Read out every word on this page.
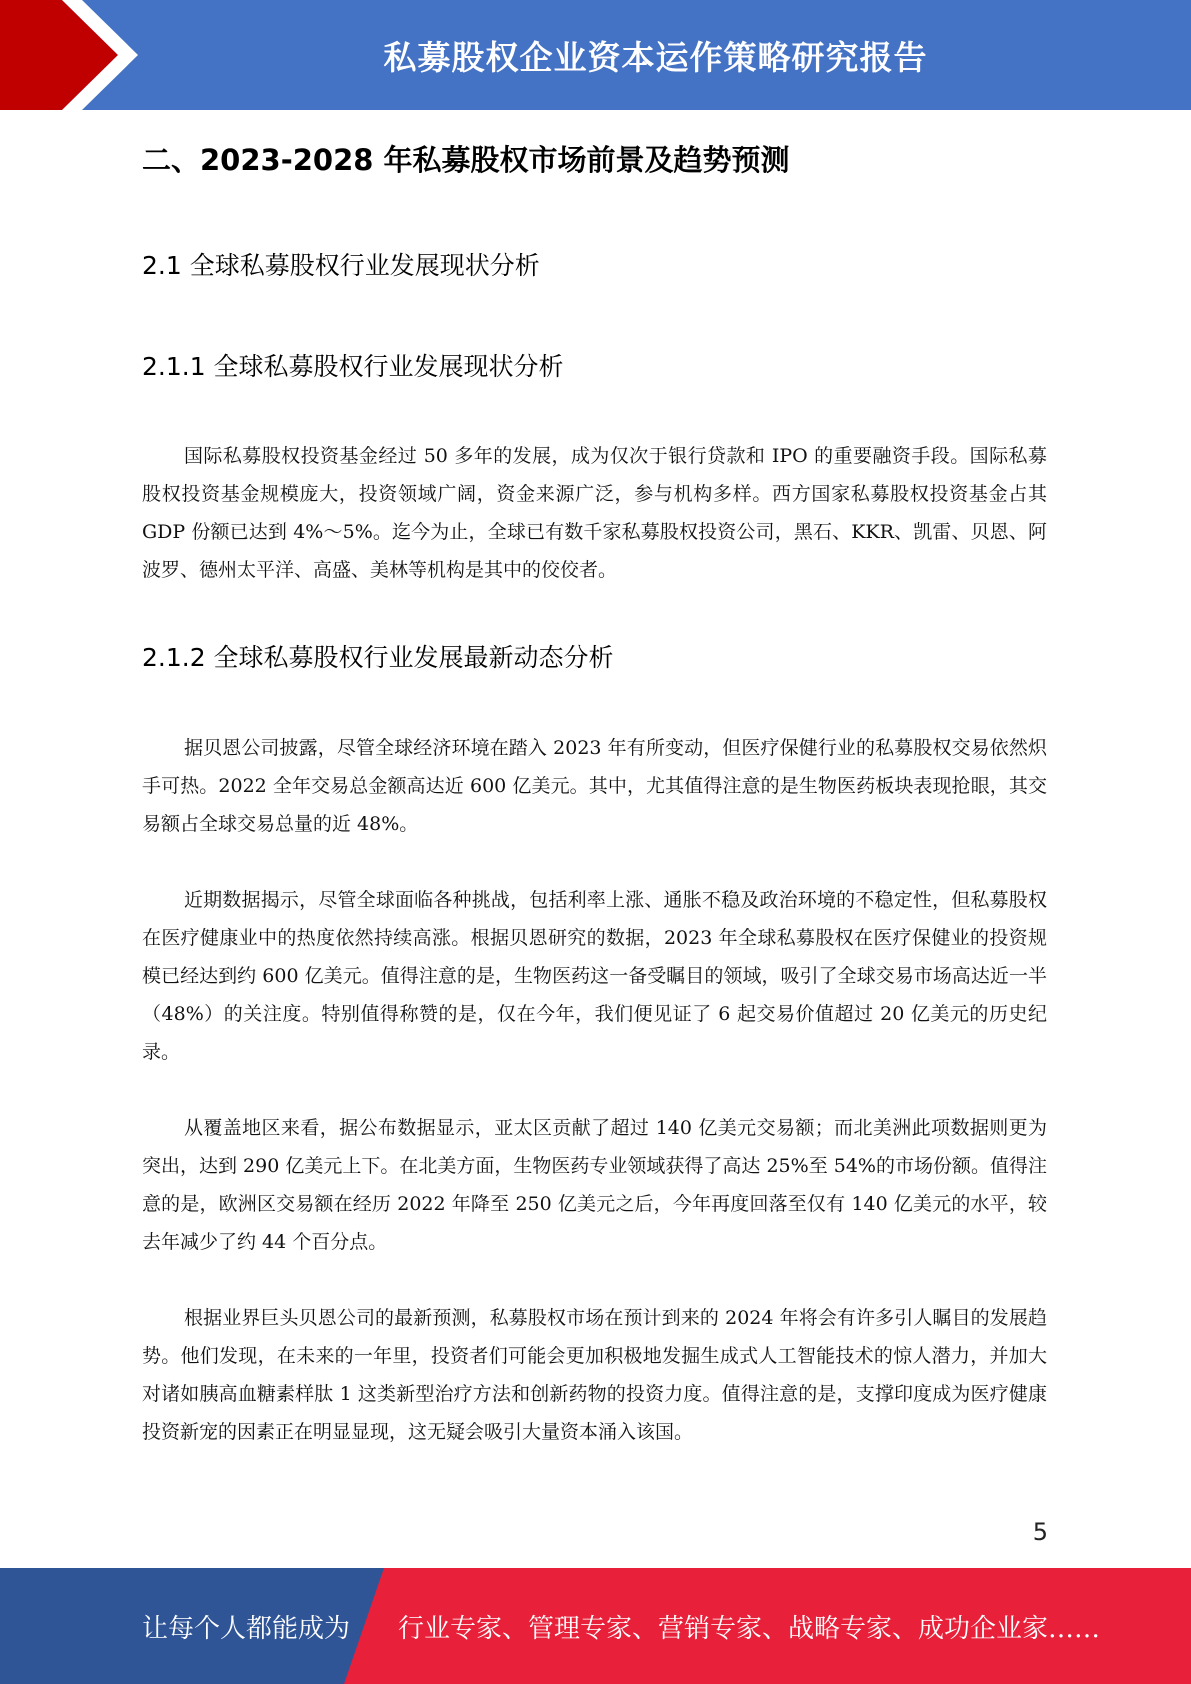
私募股权企业资本运作策略研究报告
二、2023-2028 年私募股权市场前景及趋势预测
2.1 全球私募股权行业发展现状分析
2.1.1 全球私募股权行业发展现状分析
国际私募股权投资基金经过 50 多年的发展，成为仅次于银行贷款和 IPO 的重要融资手段。国际私募股权投资基金规模庞大，投资领域广阔，资金来源广泛，参与机构多样。西方国家私募股权投资基金占其 GDP 份额已达到 4%～5%。迄今为止，全球已有数千家私募股权投资公司，黑石、KKR、凯雷、贝恩、阿波罗、德州太平洋、高盛、美林等机构是其中的佼佼者。
2.1.2 全球私募股权行业发展最新动态分析
据贝恩公司披露，尽管全球经济环境在踏入 2023 年有所变动，但医疗保健行业的私募股权交易依然炽手可热。2022 全年交易总金额高达近 600 亿美元。其中，尤其值得注意的是生物医药板块表现抢眼，其交易额占全球交易总量的近 48%。
近期数据揭示，尽管全球面临各种挑战，包括利率上涨、通胀不稳及政治环境的不稳定性，但私募股权在医疗健康业中的热度依然持续高涨。根据贝恩研究的数据，2023 年全球私募股权在医疗保健业的投资规模已经达到约 600 亿美元。值得注意的是，生物医药这一备受瞩目的领域，吸引了全球交易市场高达近一半（48%）的关注度。特别值得称赞的是，仅在今年，我们便见证了 6 起交易价值超过 20 亿美元的历史纪录。
从覆盖地区来看，据公布数据显示，亚太区贡献了超过 140 亿美元交易额；而北美洲此项数据则更为突出，达到 290 亿美元上下。在北美方面，生物医药专业领域获得了高达 25%至 54%的市场份额。值得注意的是，欧洲区交易额在经历 2022 年降至 250 亿美元之后，今年再度回落至仅有 140 亿美元的水平，较去年减少了约 44 个百分点。
根据业界巨头贝恩公司的最新预测，私募股权市场在预计到来的 2024 年将会有许多引人瞩目的发展趋势。他们发现，在未来的一年里，投资者们可能会更加积极地发掘生成式人工智能技术的惊人潜力，并加大对诸如胰高血糖素样肽 1 这类新型治疗方法和创新药物的投资力度。值得注意的是，支撑印度成为医疗健康投资新宠的因素正在明显显现，这无疑会吸引大量资本涌入该国。
5
让每个人都能成为 行业专家、管理专家、营销专家、战略专家、成功企业家……
